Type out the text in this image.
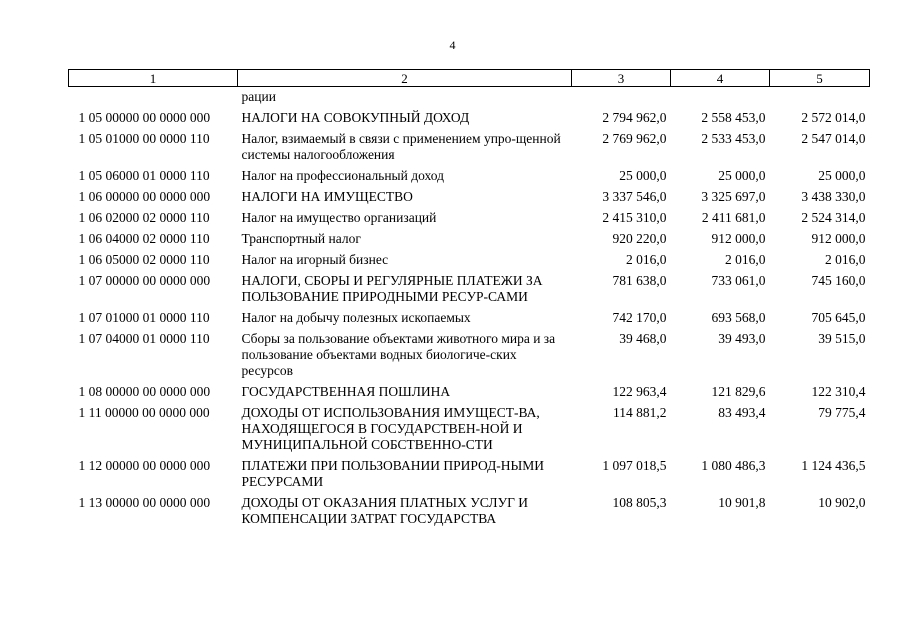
4
1	2	3	4	5
	рации			
1 05 00000 00 0000 000	НАЛОГИ НА СОВОКУПНЫЙ ДОХОД	2 794 962,0	2 558 453,0	2 572 014,0
1 05 01000 00 0000 110	Налог, взимаемый в связи с применением упро-щенной системы налогообложения	2 769 962,0	2 533 453,0	2 547 014,0
1 05 06000 01 0000 110	Налог на профессиональный доход	25 000,0	25 000,0	25 000,0
1 06 00000 00 0000 000	НАЛОГИ НА ИМУЩЕСТВО	3 337 546,0	3 325 697,0	3 438 330,0
1 06 02000 02 0000 110	Налог на имущество организаций	2 415 310,0	2 411 681,0	2 524 314,0
1 06 04000 02 0000 110	Транспортный налог	920 220,0	912 000,0	912 000,0
1 06 05000 02 0000 110	Налог на игорный бизнес	2 016,0	2 016,0	2 016,0
1 07 00000 00 0000 000	НАЛОГИ, СБОРЫ И РЕГУЛЯРНЫЕ ПЛАТЕЖИ ЗА ПОЛЬЗОВАНИЕ ПРИРОДНЫМИ РЕСУР-САМИ	781 638,0	733 061,0	745 160,0
1 07 01000 01 0000 110	Налог на добычу полезных ископаемых	742 170,0	693 568,0	705 645,0
1 07 04000 01 0000 110	Сборы за пользование объектами животного мира и за пользование объектами водных биологиче-ских ресурсов	39 468,0	39 493,0	39 515,0
1 08 00000 00 0000 000	ГОСУДАРСТВЕННАЯ ПОШЛИНА	122 963,4	121 829,6	122 310,4
1 11 00000 00 0000 000	ДОХОДЫ ОТ ИСПОЛЬЗОВАНИЯ ИМУЩЕСТ-ВА, НАХОДЯЩЕГОСЯ В ГОСУДАРСТВЕН-НОЙ И МУНИЦИПАЛЬНОЙ СОБСТВЕННО-СТИ	114 881,2	83 493,4	79 775,4
1 12 00000 00 0000 000	ПЛАТЕЖИ ПРИ ПОЛЬЗОВАНИИ ПРИРОД-НЫМИ РЕСУРСАМИ	1 097 018,5	1 080 486,3	1 124 436,5
1 13 00000 00 0000 000	ДОХОДЫ ОТ ОКАЗАНИЯ ПЛАТНЫХ УСЛУГ И КОМПЕНСАЦИИ ЗАТРАТ ГОСУДАРСТВА	108 805,3	10 901,8	10 902,0
